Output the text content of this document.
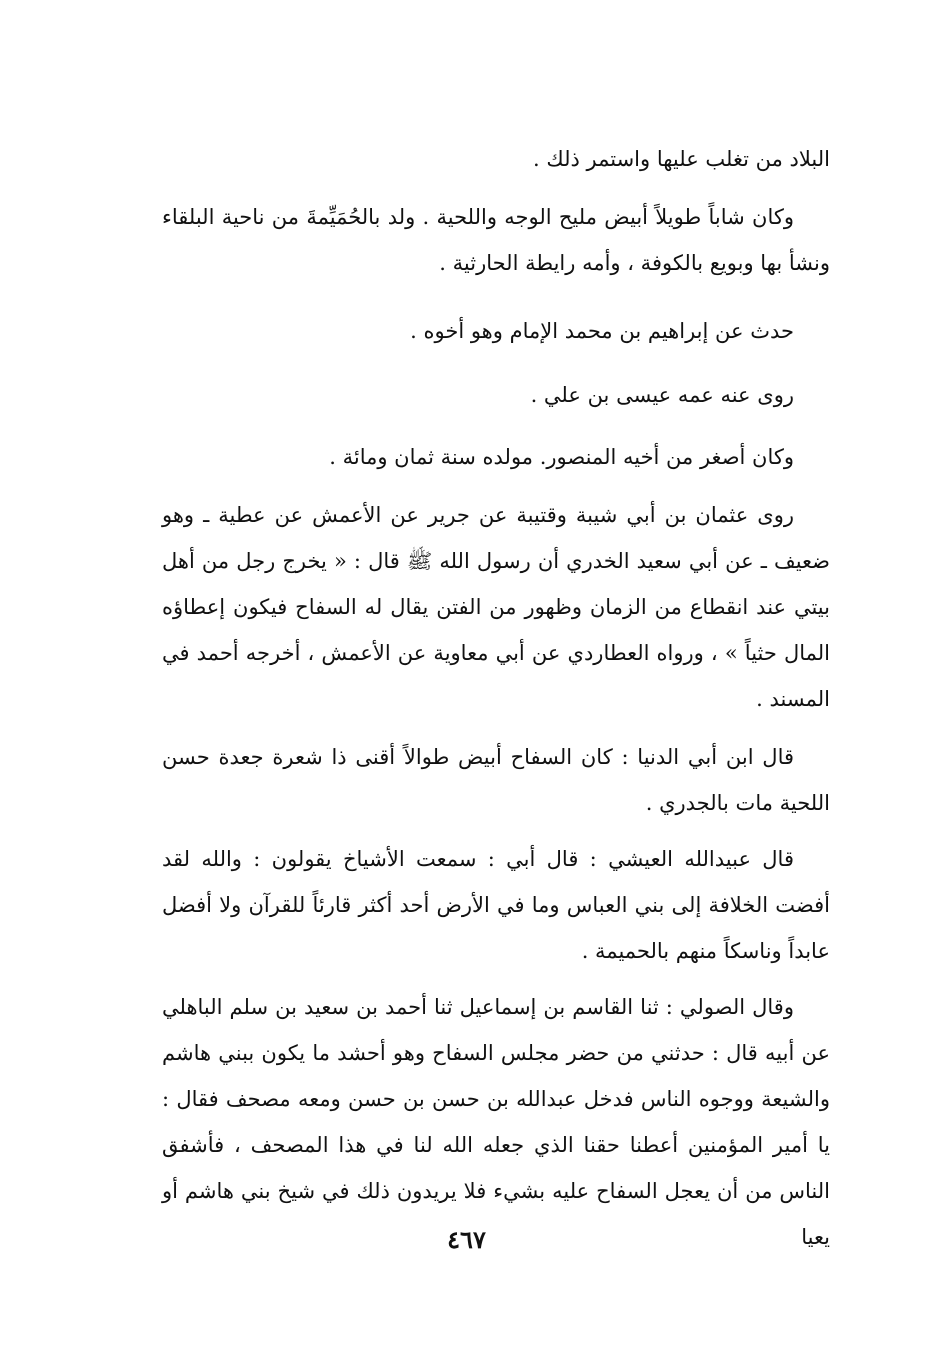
البلاد من تغلب عليها واستمر ذلك .

وكان شاباً طويلاً أبيض مليح الوجه واللحية . ولد بالحُمَيِّمةَ من ناحية البلقاء ونشأ بها وبويع بالكوفة ، وأمه رايطة الحارثية .

حدث عن إبراهيم بن محمد الإمام وهو أخوه .

روى عنه عمه عيسى بن علي .

وكان أصغر من أخيه المنصور. مولده سنة ثمان ومائة .

روى عثمان بن أبي شيبة وقتيبة عن جرير عن الأعمش عن عطية ـ وهو ضعيف ـ عن أبي سعيد الخدري أن رسول الله ﷺ قال : « يخرج رجل من أهل بيتي عند انقطاع من الزمان وظهور من الفتن يقال له السفاح فيكون إعطاؤه المال حثياً » ، ورواه العطاردي عن أبي معاوية عن الأعمش ، أخرجه أحمد في المسند .

قال ابن أبي الدنيا : كان السفاح أبيض طوالاً أقنى ذا شعرة جعدة حسن اللحية مات بالجدري .

قال عبيدالله العيشي : قال أبي : سمعت الأشياخ يقولون : والله لقد أفضت الخلافة إلى بني العباس وما في الأرض أحد أكثر قارئاً للقرآن ولا أفضل عابداً وناسكاً منهم بالحميمة .

وقال الصولي : ثنا القاسم بن إسماعيل ثنا أحمد بن سعيد بن سلم الباهلي عن أبيه قال : حدثني من حضر مجلس السفاح وهو أحشد ما يكون ببني هاشم والشيعة ووجوه الناس فدخل عبدالله بن حسن بن حسن ومعه مصحف فقال : يا أمير المؤمنين أعطنا حقنا الذي جعله الله لنا في هذا المصحف ، فأشفق الناس من أن يعجل السفاح عليه بشيء فلا يريدون ذلك في شيخ بني هاشم أو يعيا

٤٦٧
